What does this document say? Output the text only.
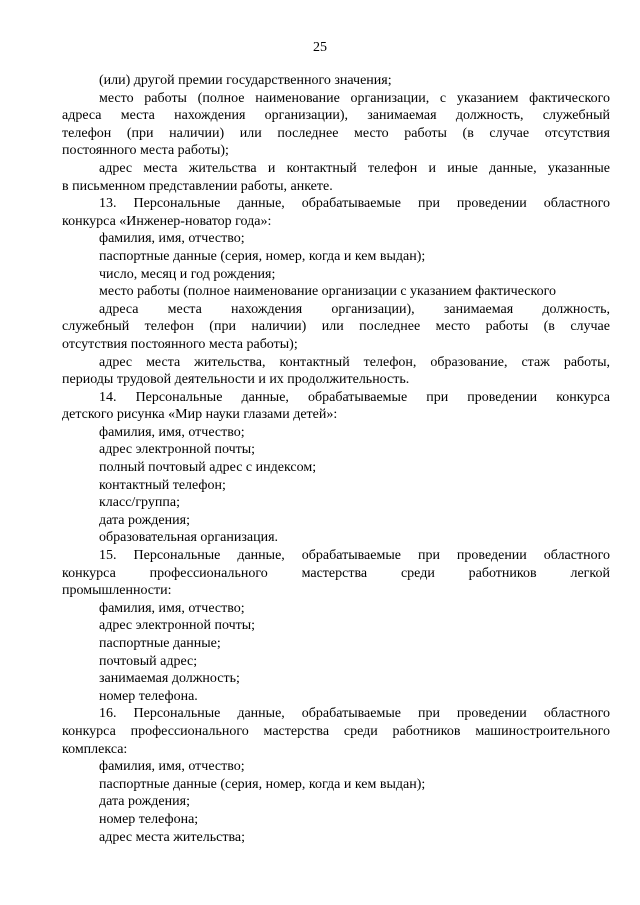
25
(или) другой премии государственного значения;
место работы (полное наименование организации, с указанием фактического
адреса места нахождения организации), занимаемая должность, служебный
телефон (при наличии) или последнее место работы (в случае отсутствия
постоянного места работы);
адрес места жительства и контактный телефон и иные данные, указанные
в письменном представлении работы, анкете.
13. Персональные данные, обрабатываемые при проведении областного
конкурса «Инженер-новатор года»:
фамилия, имя, отчество;
паспортные данные (серия, номер, когда и кем выдан);
число, месяц и год рождения;
место работы (полное наименование организации с указанием фактического
адреса места нахождения организации), занимаемая должность,
служебный телефон (при наличии) или последнее место работы (в случае
отсутствия постоянного места работы);
адрес места жительства, контактный телефон, образование, стаж работы,
периоды трудовой деятельности и их продолжительность.
14. Персональные данные, обрабатываемые при проведении конкурса
детского рисунка «Мир науки глазами детей»:
фамилия, имя, отчество;
адрес электронной почты;
полный почтовый адрес с индексом;
контактный телефон;
класс/группа;
дата рождения;
образовательная организация.
15. Персональные данные, обрабатываемые при проведении областного
конкурса профессионального мастерства среди работников легкой
промышленности:
фамилия, имя, отчество;
адрес электронной почты;
паспортные данные;
почтовый адрес;
занимаемая должность;
номер телефона.
16. Персональные данные, обрабатываемые при проведении областного
конкурса профессионального мастерства среди работников машиностроительного
комплекса:
фамилия, имя, отчество;
паспортные данные (серия, номер, когда и кем выдан);
дата рождения;
номер телефона;
адрес места жительства;
